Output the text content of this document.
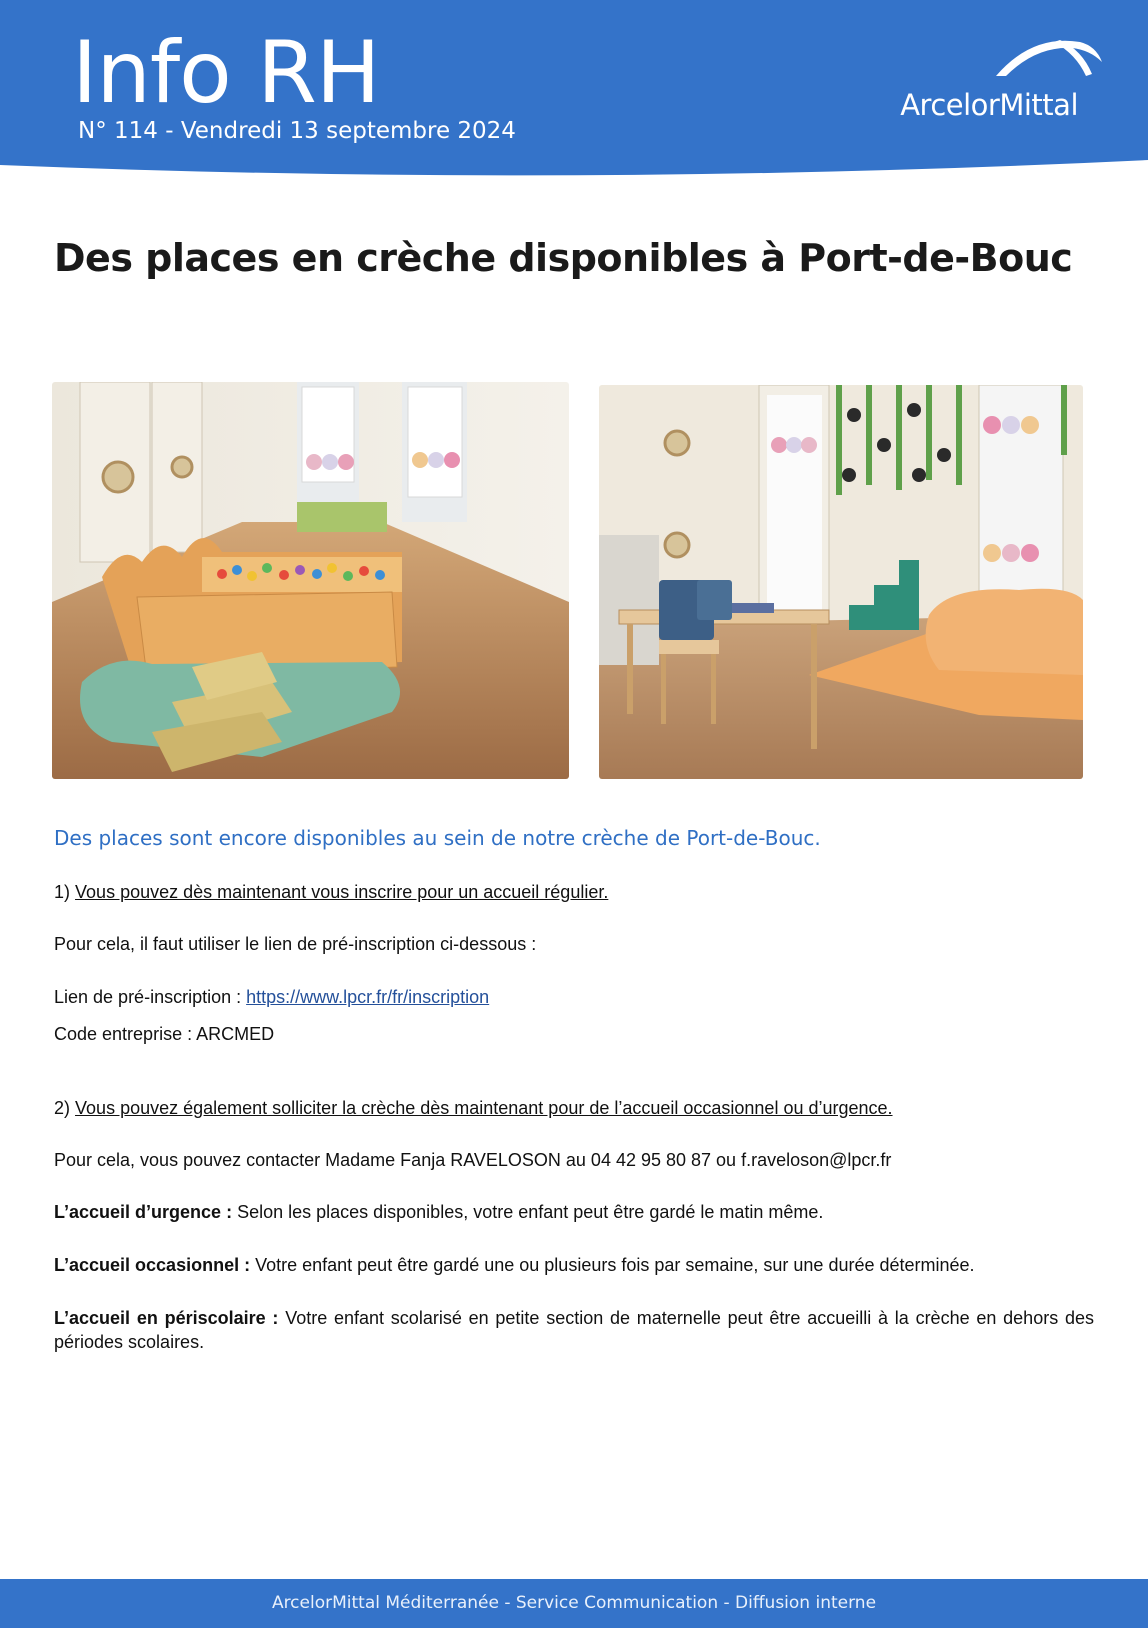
Info RH
N° 114 - Vendredi 13 septembre 2024
ArcelorMittal
Des places en crèche disponibles à Port-de-Bouc
Des places sont encore disponibles au sein de notre crèche de Port-de-Bouc.

1) Vous pouvez dès maintenant vous inscrire pour un accueil régulier.

Pour cela, il faut utiliser le lien de pré-inscription ci-dessous :

Lien de pré-inscription : https://www.lpcr.fr/fr/inscription

Code entreprise : ARCMED

2) Vous pouvez également solliciter la crèche dès maintenant pour de l’accueil occasionnel ou d’urgence.

Pour cela, vous pouvez contacter Madame Fanja RAVELOSON au 04 42 95 80 87 ou f.raveloson@lpcr.fr

L’accueil d’urgence : Selon les places disponibles, votre enfant peut être gardé le matin même.

L’accueil occasionnel : Votre enfant peut être gardé une ou plusieurs fois par semaine, sur une durée déterminée.

L’accueil en périscolaire : Votre enfant scolarisé en petite section de maternelle peut être accueilli à la crèche en dehors des périodes scolaires.

ArcelorMittal Méditerranée - Service Communication - Diffusion interne
